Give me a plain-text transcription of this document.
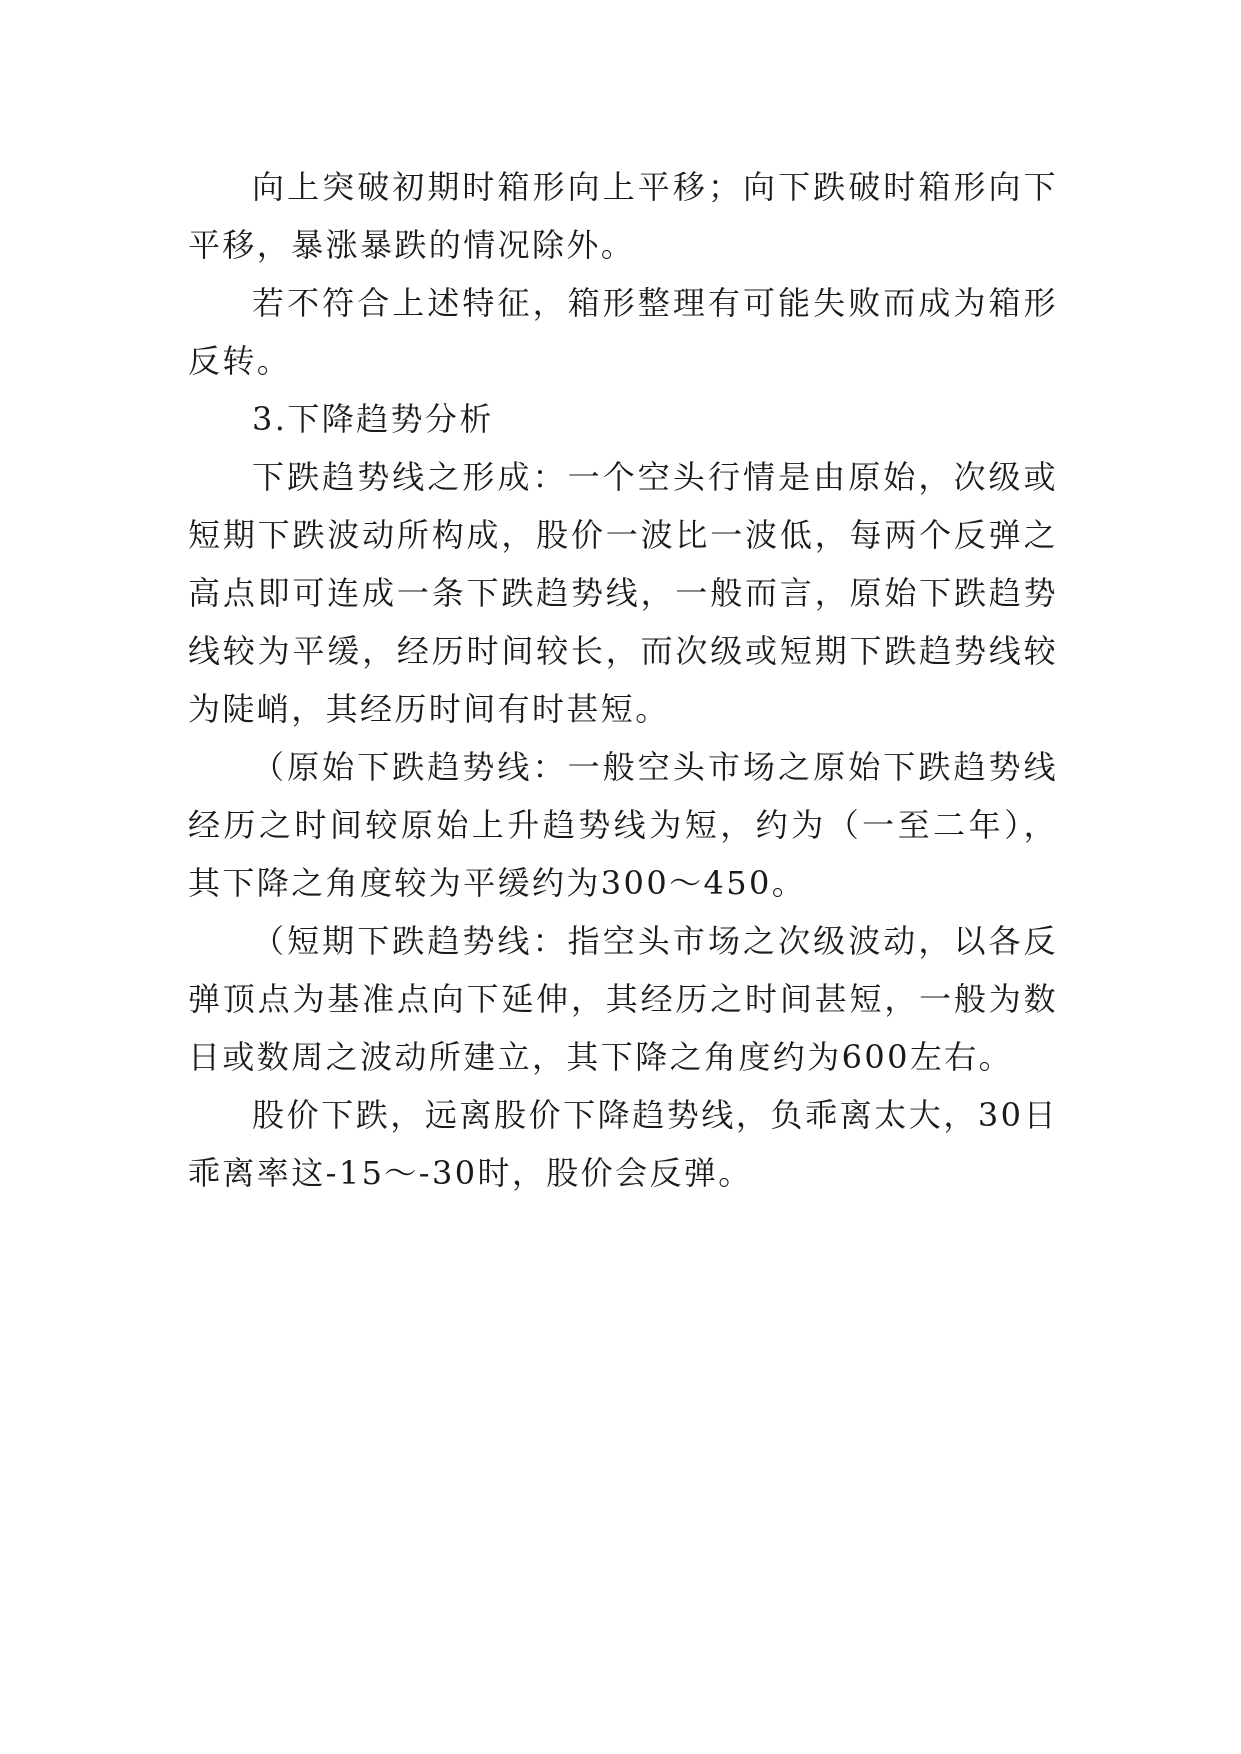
向上突破初期时箱形向上平移；向下跌破时箱形向下平移，暴涨暴跌的情况除外。

若不符合上述特征，箱形整理有可能失败而成为箱形反转。

3.下降趋势分析

下跌趋势线之形成：一个空头行情是由原始，次级或短期下跌波动所构成，股价一波比一波低，每两个反弹之高点即可连成一条下跌趋势线，一般而言，原始下跌趋势线较为平缓，经历时间较长，而次级或短期下跌趋势线较为陡峭，其经历时间有时甚短。

（原始下跌趋势线：一般空头市场之原始下跌趋势线经历之时间较原始上升趋势线为短，约为（一至二年），其下降之角度较为平缓约为300～450。

（短期下跌趋势线：指空头市场之次级波动，以各反弹顶点为基准点向下延伸，其经历之时间甚短，一般为数日或数周之波动所建立，其下降之角度约为600左右。

股价下跌，远离股价下降趋势线，负乖离太大，30日乖离率这-15～-30时，股价会反弹。
